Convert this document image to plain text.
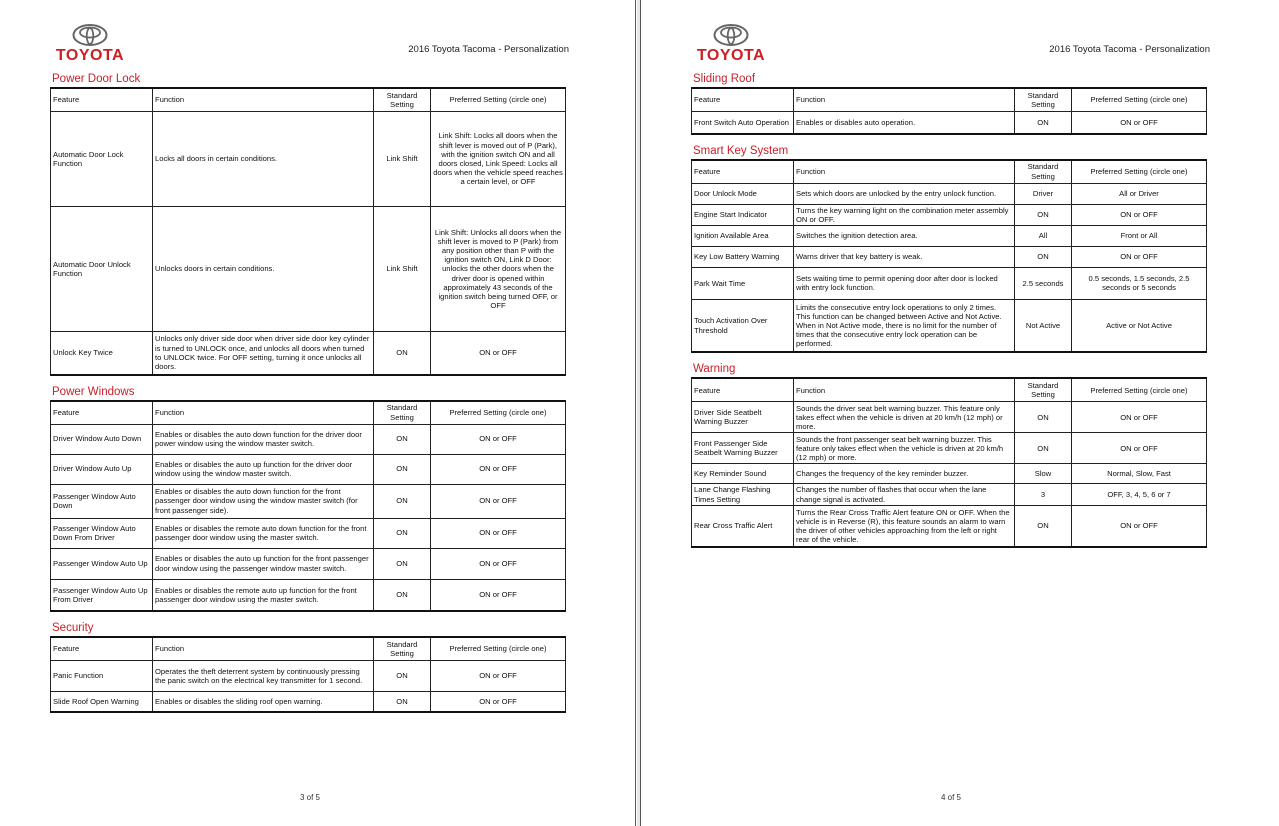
TOYOTA	2016 Toyota Tacoma - Personalization
Power Door Lock
Feature	Function	Standard Setting	Preferred Setting (circle one)
Automatic Door Lock Function	Locks all doors in certain conditions.	Link Shift	Link Shift: Locks all doors when the shift lever is moved out of P (Park), with the ignition switch ON and all doors closed, Link Speed: Locks all doors when the vehicle speed reaches a certain level, or OFF
Automatic Door Unlock Function	Unlocks doors in certain conditions.	Link Shift	Link Shift: Unlocks all doors when the shift lever is moved to P (Park) from any position other than P with the ignition switch ON, Link D Door: unlocks the other doors when the driver door is opened within approximately 43 seconds of the ignition switch being turned OFF, or OFF
Unlock Key Twice	Unlocks only driver side door when driver side door key cylinder is turned to UNLOCK once, and unlocks all doors when turned to UNLOCK twice. For OFF setting, turning it once unlocks all doors.	ON	ON or OFF
Power Windows
Feature	Function	Standard Setting	Preferred Setting (circle one)
Driver Window Auto Down	Enables or disables the auto down function for the driver door power window using the window master switch.	ON	ON or OFF
Driver Window Auto Up	Enables or disables the auto up function for the driver door window using the window master switch.	ON	ON or OFF
Passenger Window Auto Down	Enables or disables the auto down function for the front passenger door window using the window master switch (for front passenger side).	ON	ON or OFF
Passenger Window Auto Down From Driver	Enables or disables the remote auto down function for the front passenger door window using the master switch.	ON	ON or OFF
Passenger Window Auto Up	Enables or disables the auto up function for the front passenger door window using the passenger window master switch.	ON	ON or OFF
Passenger Window Auto Up From Driver	Enables or disables the remote auto up function for the front passenger door window using the master switch.	ON	ON or OFF
Security
Feature	Function	Standard Setting	Preferred Setting (circle one)
Panic Function	Operates the theft deterrent system by continuously pressing the panic switch on the electrical key transmitter for 1 second.	ON	ON or OFF
Slide Roof Open Warning	Enables or disables the sliding roof open warning.	ON	ON or OFF
3 of 5
TOYOTA	2016 Toyota Tacoma - Personalization
Sliding Roof
Feature	Function	Standard Setting	Preferred Setting (circle one)
Front Switch Auto Operation	Enables or disables auto operation.	ON	ON or OFF
Smart Key System
Feature	Function	Standard Setting	Preferred Setting (circle one)
Door Unlock Mode	Sets which doors are unlocked by the entry unlock function.	Driver	All or Driver
Engine Start Indicator	Turns the key warning light on the combination meter assembly ON or OFF.	ON	ON or OFF
Ignition Available Area	Switches the ignition detection area.	All	Front or All
Key Low Battery Warning	Warns driver that key battery is weak.	ON	ON or OFF
Park Wait Time	Sets waiting time to permit opening door after door is locked with entry lock function.	2.5 seconds	0.5 seconds, 1.5 seconds, 2.5 seconds or 5 seconds
Touch Activation Over Threshold	Limits the consecutive entry lock operations to only 2 times. This function can be changed between Active and Not Active. When in Not Active mode, there is no limit for the number of times that the consecutive entry lock operation can be performed.	Not Active	Active or Not Active
Warning
Feature	Function	Standard Setting	Preferred Setting (circle one)
Driver Side Seatbelt Warning Buzzer	Sounds the driver seat belt warning buzzer. This feature only takes effect when the vehicle is driven at 20 km/h (12 mph) or more.	ON	ON or OFF
Front Passenger Side Seatbelt Warning Buzzer	Sounds the front passenger seat belt warning buzzer. This feature only takes effect when the vehicle is driven at 20 km/h (12 mph) or more.	ON	ON or OFF
Key Reminder Sound	Changes the frequency of the key reminder buzzer.	Slow	Normal, Slow, Fast
Lane Change Flashing Times Setting	Changes the number of flashes that occur when the lane change signal is activated.	3	OFF, 3, 4, 5, 6 or 7
Rear Cross Traffic Alert	Turns the Rear Cross Traffic Alert feature ON or OFF. When the vehicle is in Reverse (R), this feature sounds an alarm to warn the driver of other vehicles approaching from the left or right rear of the vehicle.	ON	ON or OFF
4 of 5
